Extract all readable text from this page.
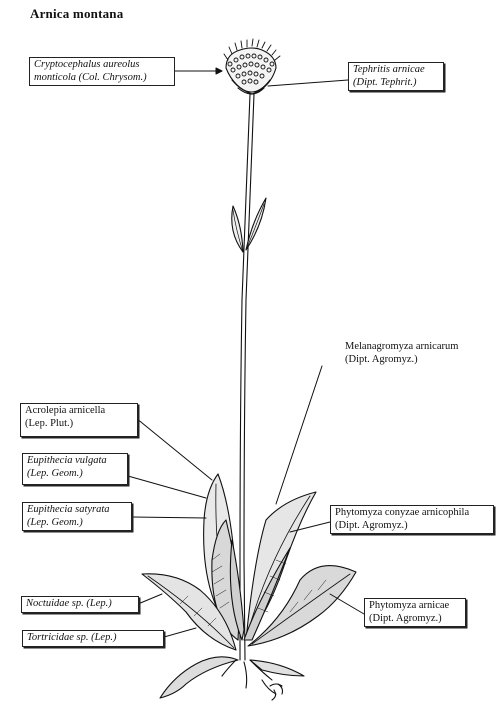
Arnica montana
Cryptocephalus aureolus
monticola (Col. Chrysom.)
Tephritis arnicae
(Dipt. Tephrit.)
Melanagromyza arnicarum
(Dipt. Agromyz.)
Acrolepia arnicella
(Lep. Plut.)
Eupithecia vulgata
(Lep. Geom.)
Eupithecia satyrata
(Lep. Geom.)
Phytomyza conyzae arnicophila
(Dipt. Agromyz.)
Noctuidae sp. (Lep.)	Phytomyza arnicae
(Dipt. Agromyz.)
Tortricidae sp. (Lep.)
